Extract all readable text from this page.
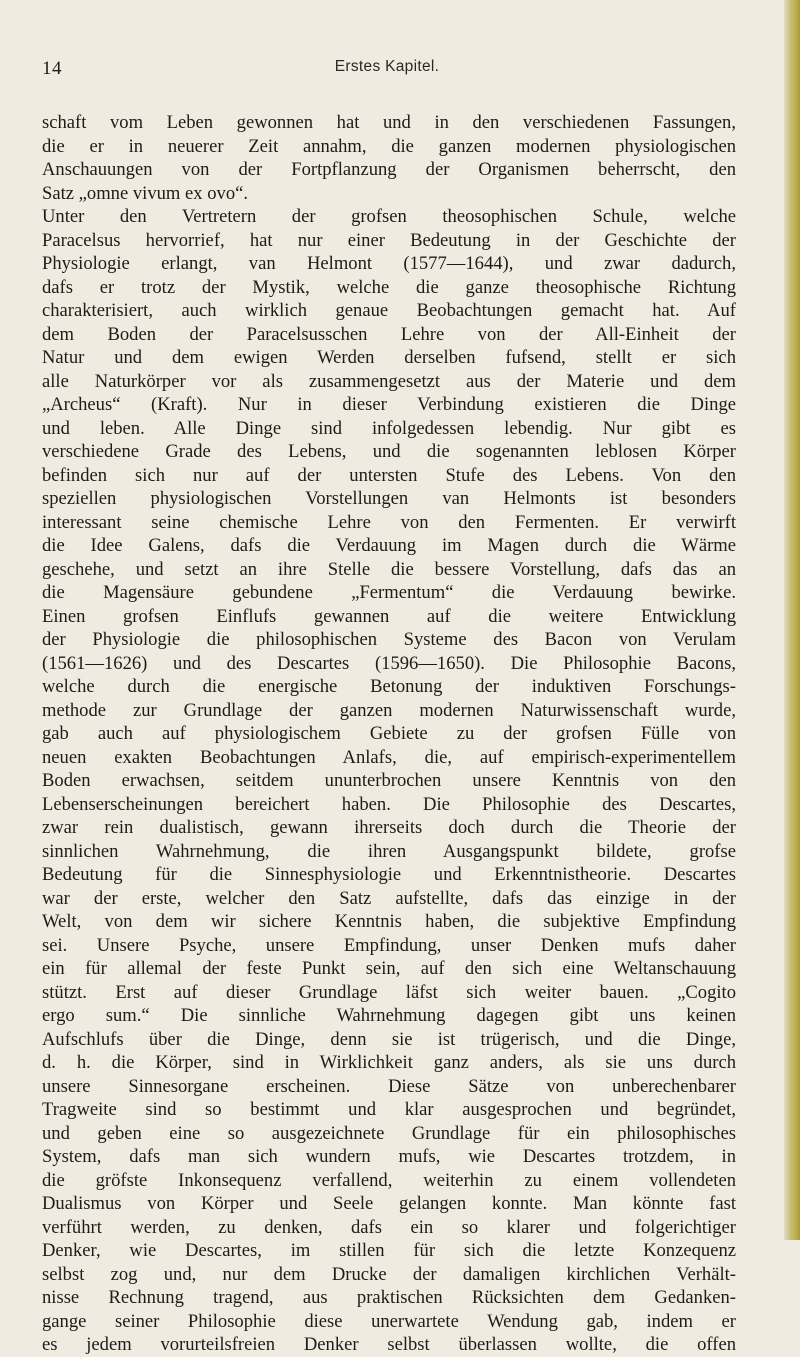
14	Erstes Kapitel.
schaft vom Leben gewonnen hat und in den verschiedenen Fassungen,
die er in neuerer Zeit annahm, die ganzen modernen physiologischen
Anschauungen von der Fortpflanzung der Organismen beherrscht, den
Satz „omne vivum ex ovo“.
Unter den Vertretern der grofsen theosophischen Schule, welche
Paracelsus hervorrief, hat nur einer Bedeutung in der Geschichte der
Physiologie erlangt, van Helmont (1577—1644), und zwar dadurch,
dafs er trotz der Mystik, welche die ganze theosophische Richtung
charakterisiert, auch wirklich genaue Beobachtungen gemacht hat. Auf
dem Boden der Paracelsusschen Lehre von der All-Einheit der
Natur und dem ewigen Werden derselben fufsend, stellt er sich
alle Naturkörper vor als zusammengesetzt aus der Materie und dem
„Archeus“ (Kraft). Nur in dieser Verbindung existieren die Dinge
und leben. Alle Dinge sind infolgedessen lebendig. Nur gibt es
verschiedene Grade des Lebens, und die sogenannten leblosen Körper
befinden sich nur auf der untersten Stufe des Lebens. Von den
speziellen physiologischen Vorstellungen van Helmonts ist besonders
interessant seine chemische Lehre von den Fermenten. Er verwirft
die Idee Galens, dafs die Verdauung im Magen durch die Wärme
geschehe, und setzt an ihre Stelle die bessere Vorstellung, dafs das an
die Magensäure gebundene „Fermentum“ die Verdauung bewirke.
Einen grofsen Einflufs gewannen auf die weitere Entwicklung
der Physiologie die philosophischen Systeme des Bacon von Verulam
(1561—1626) und des Descartes (1596—1650). Die Philosophie Bacons,
welche durch die energische Betonung der induktiven Forschungs-
methode zur Grundlage der ganzen modernen Naturwissenschaft wurde,
gab auch auf physiologischem Gebiete zu der grofsen Fülle von
neuen exakten Beobachtungen Anlafs, die, auf empirisch-experimentellem
Boden erwachsen, seitdem ununterbrochen unsere Kenntnis von den
Lebenserscheinungen bereichert haben. Die Philosophie des Descartes,
zwar rein dualistisch, gewann ihrerseits doch durch die Theorie der
sinnlichen Wahrnehmung, die ihren Ausgangspunkt bildete, grofse
Bedeutung für die Sinnesphysiologie und Erkenntnistheorie. Descartes
war der erste, welcher den Satz aufstellte, dafs das einzige in der
Welt, von dem wir sichere Kenntnis haben, die subjektive Empfindung
sei. Unsere Psyche, unsere Empfindung, unser Denken mufs daher
ein für allemal der feste Punkt sein, auf den sich eine Weltanschauung
stützt. Erst auf dieser Grundlage läfst sich weiter bauen. „Cogito
ergo sum.“ Die sinnliche Wahrnehmung dagegen gibt uns keinen
Aufschlufs über die Dinge, denn sie ist trügerisch, und die Dinge,
d. h. die Körper, sind in Wirklichkeit ganz anders, als sie uns durch
unsere Sinnesorgane erscheinen. Diese Sätze von unberechenbarer
Tragweite sind so bestimmt und klar ausgesprochen und begründet,
und geben eine so ausgezeichnete Grundlage für ein philosophisches
System, dafs man sich wundern mufs, wie Descartes trotzdem, in
die gröfste Inkonsequenz verfallend, weiterhin zu einem vollendeten
Dualismus von Körper und Seele gelangen konnte. Man könnte fast
verführt werden, zu denken, dafs ein so klarer und folgerichtiger
Denker, wie Descartes, im stillen für sich die letzte Konzequenz
selbst zog und, nur dem Drucke der damaligen kirchlichen Verhält-
nisse Rechnung tragend, aus praktischen Rücksichten dem Gedanken-
gange seiner Philosophie diese unerwartete Wendung gab, indem er
es jedem vorurteilsfreien Denker selbst überlassen wollte, die offen
